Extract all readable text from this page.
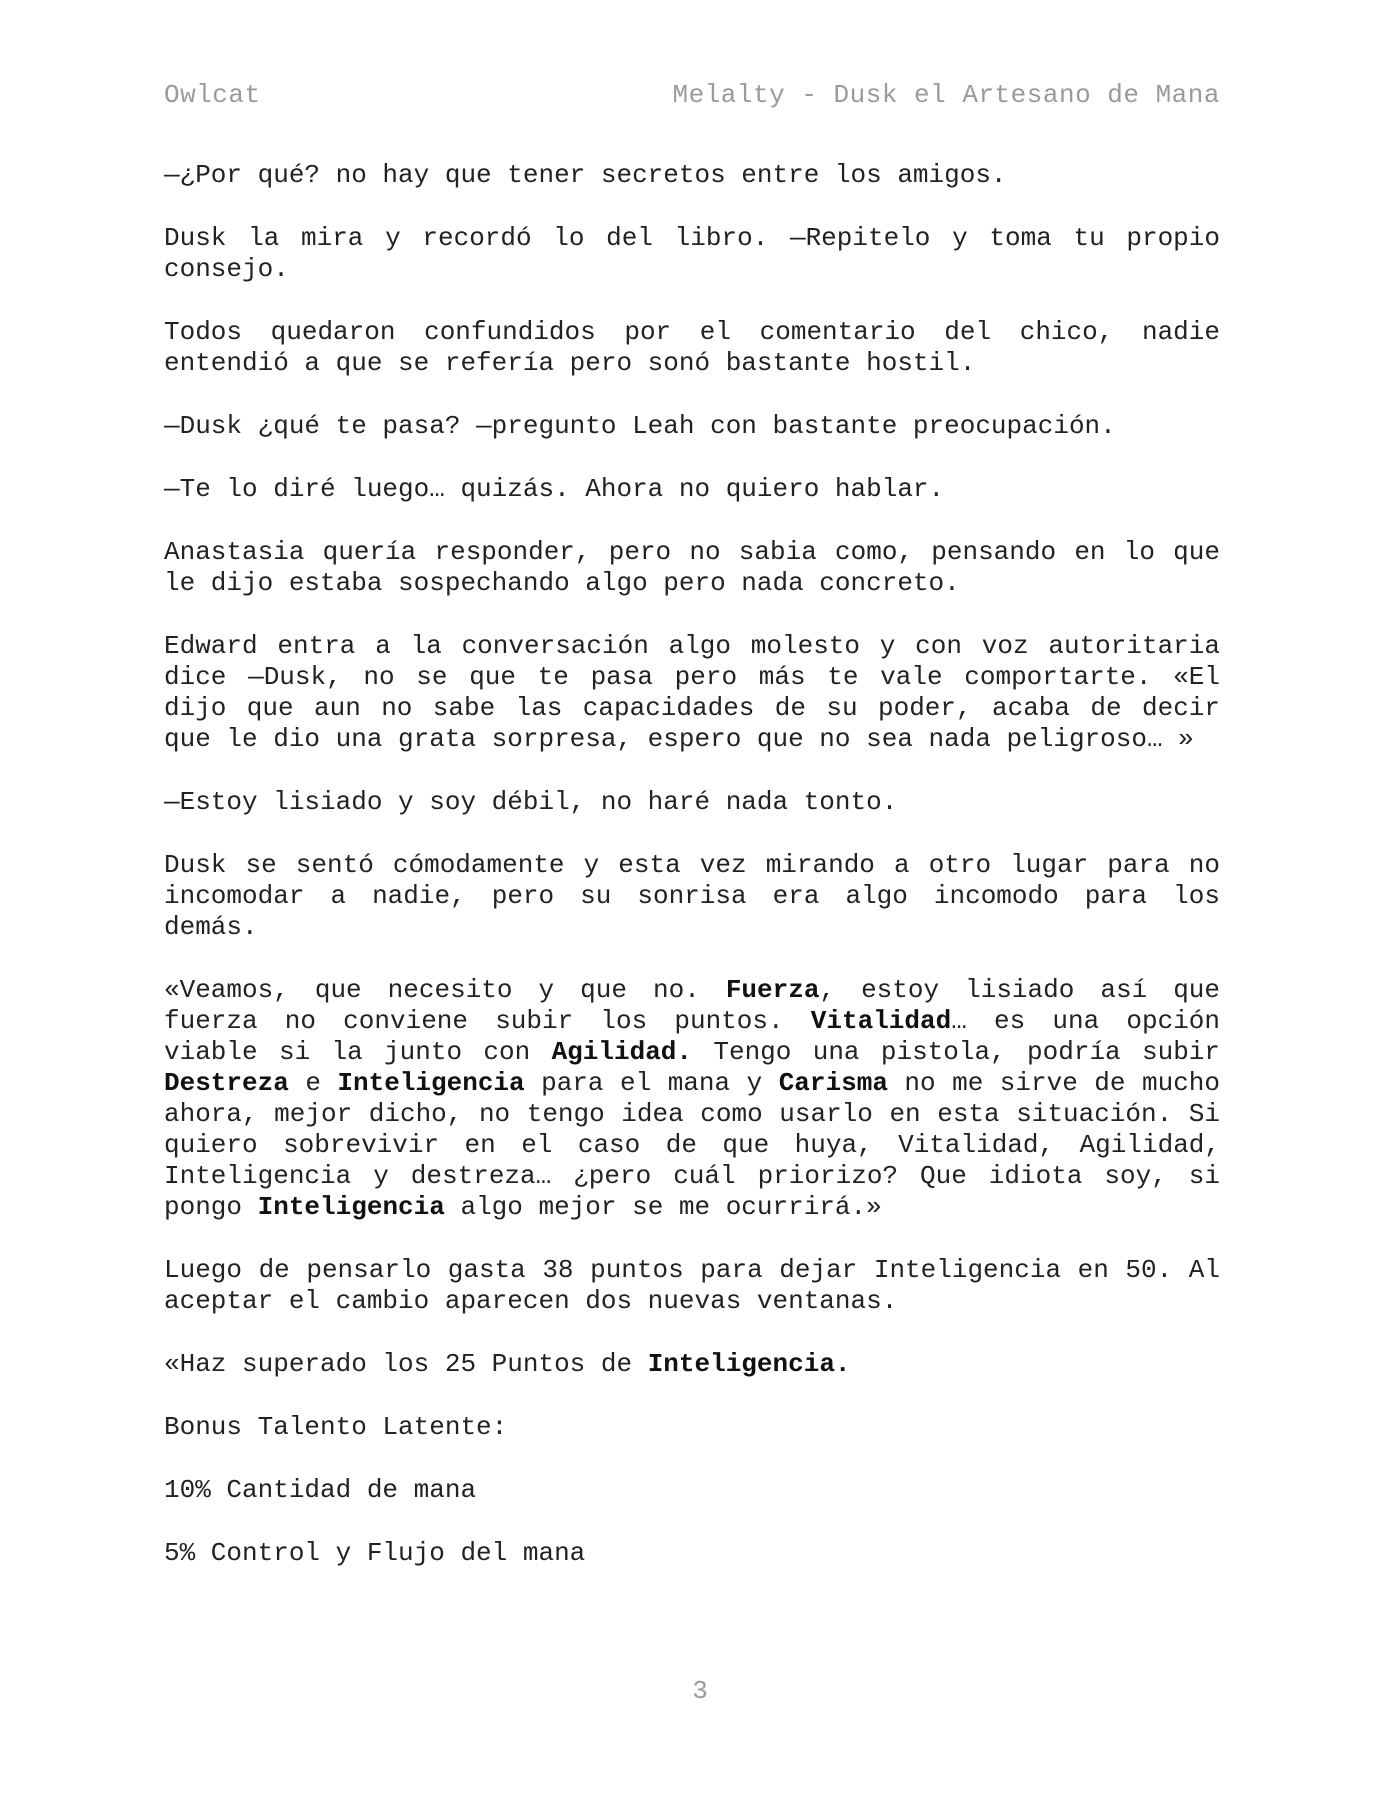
Owlcat	Melalty - Dusk el Artesano de Mana

—¿Por qué? no hay que tener secretos entre los amigos.

Dusk la mira y recordó lo del libro. —Repitelo y toma tu propio consejo.

Todos quedaron confundidos por el comentario del chico, nadie entendió a que se refería pero sonó bastante hostil.

—Dusk ¿qué te pasa? —pregunto Leah con bastante preocupación.

—Te lo diré luego… quizás. Ahora no quiero hablar.

Anastasia quería responder, pero no sabia como, pensando en lo que le dijo estaba sospechando algo pero nada concreto.

Edward entra a la conversación algo molesto y con voz autoritaria dice —Dusk, no se que te pasa pero más te vale comportarte. «El dijo que aun no sabe las capacidades de su poder, acaba de decir que le dio una grata sorpresa, espero que no sea nada peligroso… »

—Estoy lisiado y soy débil, no haré nada tonto.

Dusk se sentó cómodamente y esta vez mirando a otro lugar para no incomodar a nadie, pero su sonrisa era algo incomodo para los demás.

«Veamos, que necesito y que no. Fuerza, estoy lisiado así que fuerza no conviene subir los puntos. Vitalidad… es una opción viable si la junto con Agilidad. Tengo una pistola, podría subir Destreza e Inteligencia para el mana y Carisma no me sirve de mucho ahora, mejor dicho, no tengo idea como usarlo en esta situación. Si quiero sobrevivir en el caso de que huya, Vitalidad, Agilidad, Inteligencia y destreza… ¿pero cuál priorizo? Que idiota soy, si pongo Inteligencia algo mejor se me ocurrirá.»

Luego de pensarlo gasta 38 puntos para dejar Inteligencia en 50. Al aceptar el cambio aparecen dos nuevas ventanas.

«Haz superado los 25 Puntos de Inteligencia.

Bonus Talento Latente:

10% Cantidad de mana

5% Control y Flujo del mana

3
